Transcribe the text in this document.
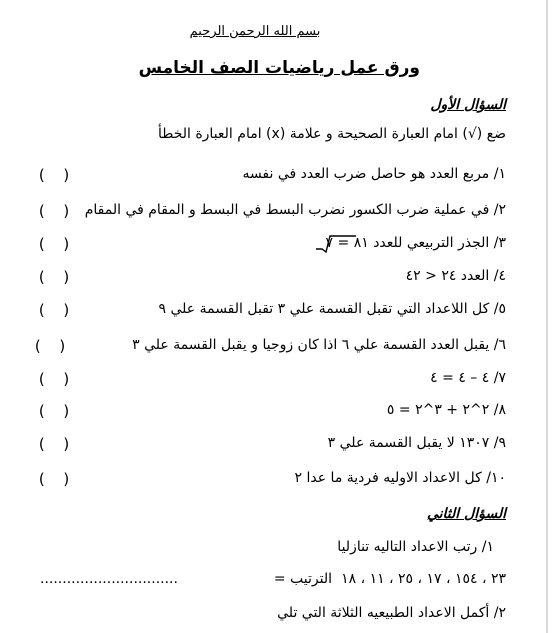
بسم الله الرحمن الرحيم
ورق عمل رياضيات الصف الخامس
السؤال الأول
ضع (√) امام العبارة الصحيحة و علامة (x) امام العبارة الخطأ
١/ مربع العدد هو حاصل ضرب العدد في نفسه
( )
٢/ في عملية ضرب الكسور نضرب البسط في البسط و المقام في المقام
( )
٣/ الجذر التربيعي للعدد ٨١ = ٧
( )
٤/ العدد ٢٤ < ٤٢
( )
٥/ كل اللاعداد التي تقبل القسمة علي ٣ تقبل القسمة علي ٩
( )
٦/ يقبل العدد القسمة علي ٦ اذا كان زوجيا و يقبل القسمة علي ٣
( )
٧/ ٤ – ٤ = ٤
( )
٨/ ٢^٢ + ٣^٢ = ٥
( )
٩/ ١٣٠٧ لا يقبل القسمة علي ٣
( )
١٠/ كل الاعداد الاوليه فردية ما عدا ٢
( )
السؤال الثاني
١/ رتب الاعداد التاليه تنازليا
٢٣ ، ١٥٤ ، ١٧ ، ٢٥ ، ١١ ، ١٨
الترتيب =
...............................
٢/ أكمل الاعداد الطبيعيه الثلاثة التي تلي
